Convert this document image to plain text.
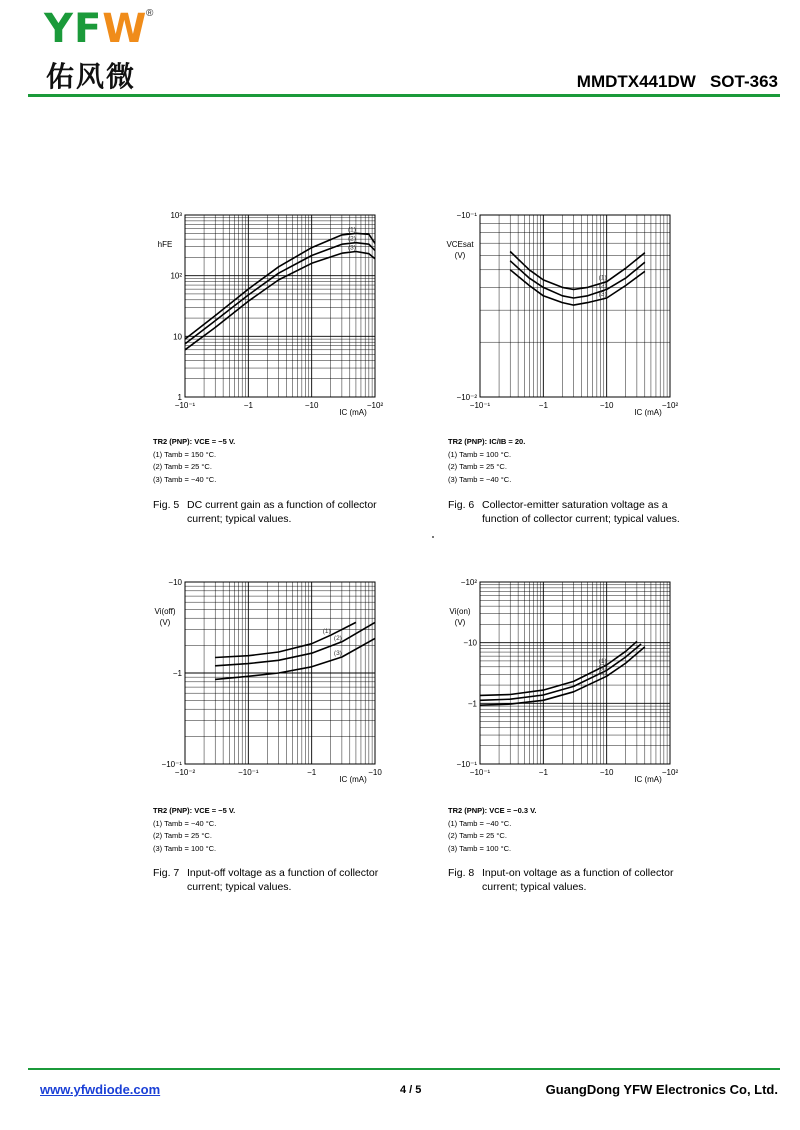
YFW
®
佑风微	MMDTX441DW   SOT-363
−10⁻¹	−1	−10	−10²
1
10
10²
10³
IC (mA)
hFE
(1)
(2)
(3)
−10⁻¹	−1	−10	−10²
−10⁻²
−10⁻¹
IC (mA)
VCEsat
(V)
(1)
(2)
(3)
−10⁻²	−10⁻¹	−1	−10
−10⁻¹
−1
−10
IC (mA)
Vi(off)
(V)
(1)
(2)
(3)
−10⁻¹	−1	−10	−10²
−10⁻¹
−1
−10
−10²
IC (mA)
Vi(on)
(V)
(1)
(2)
(3)
TR2 (PNP): VCE = −5 V.
(1) Tamb = 150 °C.
(2) Tamb = 25 °C.
(3) Tamb = −40 °C.
TR2 (PNP): IC/IB = 20.
(1) Tamb = 100 °C.
(2) Tamb = 25 °C.
(3) Tamb = −40 °C.
TR2 (PNP): VCE = −5 V.
(1) Tamb = −40 °C.
(2) Tamb = 25 °C.
(3) Tamb = 100 °C.
TR2 (PNP): VCE = −0.3 V.
(1) Tamb = −40 °C.
(2) Tamb = 25 °C.
(3) Tamb = 100 °C.
Fig. 5 DC current gain as a function of collector current; typical values.
Fig. 6 Collector-emitter saturation voltage as a function of collector current; typical values.
Fig. 7 Input-off voltage as a function of collector current; typical values.
Fig. 8 Input-on voltage as a function of collector current; typical values.
www.yfwdiode.com	4 / 5	GuangDong YFW Electronics Co, Ltd.
